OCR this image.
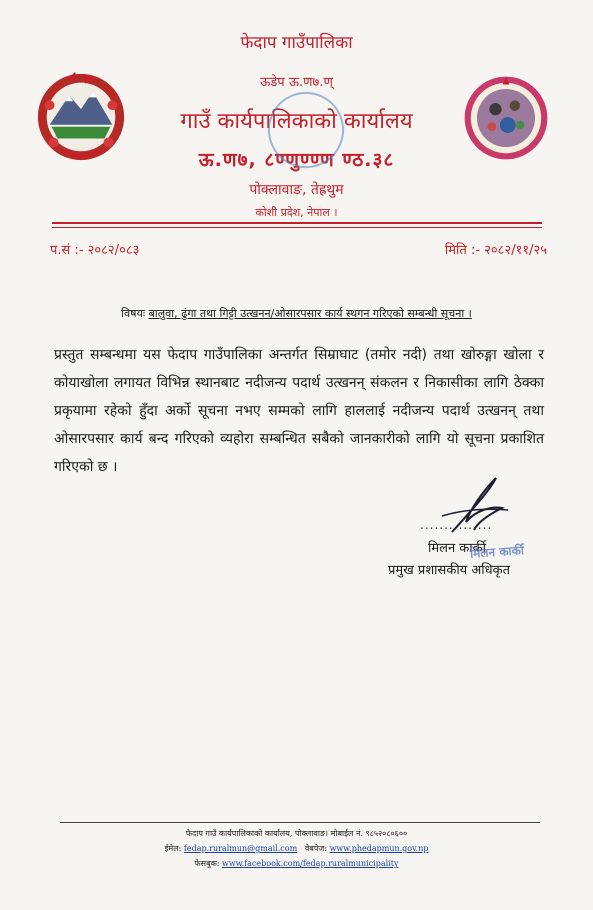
फेदाप गाउँपालिका
ऊडेप ऊ.ण७.ण्
गाउँ कार्यपालिकाको कार्यालय
ऊ.ण७, ८ण्णुण्ण्ण ण्ठ.३८
पोक्लावाङ, तेह्रथुम
कोशी प्रदेश, नेपाल ।
प.सं :- २०८२/०८३	मिति :- २०८२/११/२५
विषयः बालुवा, ढुंगा तथा गिट्टी उत्खनन/ओसारपसार कार्य स्थगन गरिएको सम्बन्धी सूचना ।
प्रस्तुत सम्बन्धमा यस फेदाप गाउँपालिका अन्तर्गत सिम्राघाट (तमोर नदी) तथा खोरुङ्गा खोला र कोयाखोला लगायत विभिन्न स्थानबाट नदीजन्य पदार्थ उत्खनन् संकलन र निकासीका लागि ठेक्का प्रकृयामा रहेको हुँदा अर्को सूचना नभए सम्मको लागि हाललाई नदीजन्य पदार्थ उत्खनन् तथा ओसारपसार कार्य बन्द गरिएको व्यहोरा सम्बन्धित सबैको जानकारीको लागि यो सूचना प्रकाशित गरिएको छ ।
...............
मिलन कार्की
मिलन कार्की
प्रमुख प्रशासकीय अधिकृत
फेदाप गाउँ कार्यपालिकाको कार्यालय, पोक्लावाङ। मोबाईल नं. ९८५२०८०६००
ईमेल: fedap.ruralmun@gmail.com वेबपेज: www.phedapmun.gov.np
फेसबुक: www.facebook.com/fedap.ruralmunicipality
